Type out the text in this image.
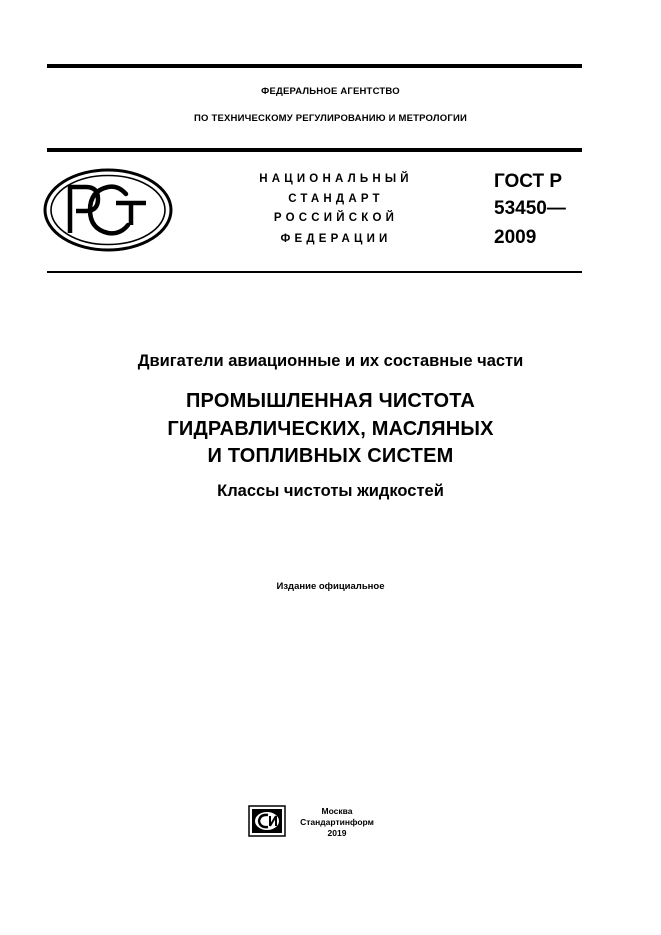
ФЕДЕРАЛЬНОЕ АГЕНТСТВО
ПО ТЕХНИЧЕСКОМУ РЕГУЛИРОВАНИЮ И МЕТРОЛОГИИ
НАЦИОНАЛЬНЫЙ
СТАНДАРТ
РОССИЙСКОЙ
ФЕДЕРАЦИИ
ГОСТ Р
53450—
2009
Двигатели авиационные и их составные части
ПРОМЫШЛЕННАЯ ЧИСТОТА
ГИДРАВЛИЧЕСКИХ, МАСЛЯНЫХ
И ТОПЛИВНЫХ СИСТЕМ
Классы чистоты жидкостей
Издание официальное
Москва
Стандартинформ
2019
